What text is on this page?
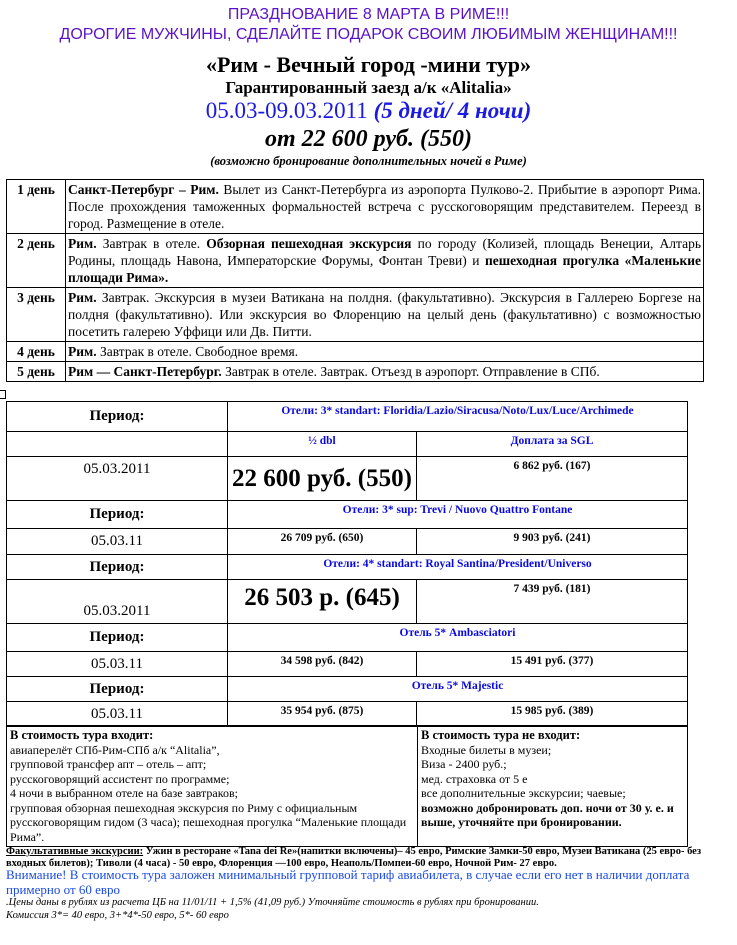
ПРАЗДНОВАНИЕ 8 МАРТА В РИМЕ!!!
ДОРОГИЕ МУЖЧИНЫ, СДЕЛАЙТЕ ПОДАРОК СВОИМ ЛЮБИМЫМ ЖЕНЩИНАМ!!!
«Рим - Вечный город -мини тур»
Гарантированный заезд а/к «Alitalia»
05.03-09.03.2011 (5 дней/ 4 ночи)
от 22 600 руб. (550)
(возможно бронирование дополнительных ночей в Риме)
1 день	Санкт-Петербург – Рим. Вылет из Санкт-Петербурга из аэропорта Пулково-2. Прибытие в аэропорт Рима. После прохождения таможенных формальностей встреча с русскоговорящим представителем. Переезд в город. Размещение в отеле.
2 день	Рим. Завтрак в отеле. Обзорная пешеходная экскурсия по городу (Колизей, площадь Венеции, Алтарь Родины, площадь Навона, Императорские Форумы, Фонтан Треви) и пешеходная прогулка «Маленькие площади Рима».
3 день	Рим. Завтрак. Экскурсия в музеи Ватикана на полдня. (факультативно). Экскурсия в Галлерею Боргезе на полдня (факультативно). Или экскурсия во Флоренцию на целый день (факультативно) с возможностью посетить галерею Уффици или Дв. Питти.
4 день	Рим. Завтрак в отеле. Свободное время.
5 день	Рим — Санкт-Петербург. Завтрак в отеле. Завтрак. Отъезд в аэропорт. Отправление в СПб.
Период:	Отели: 3* standart: Floridia/Lazio/Siracusa/Noto/Lux/Luce/Archimede	
	½ dbl	Доплата за SGL
05.03.2011	22 600 руб. (550)	6 862 руб. (167)
Период:	Отели: 3* sup: Trevi / Nuovo Quattro Fontane	
05.03.11	26 709 руб. (650)	9 903 руб. (241)
Период:	Отели: 4* standart: Royal Santina/President/Universo	
05.03.2011	26 503 р. (645)	7 439 руб. (181)
Период:	Отель 5* Ambasciatori	
05.03.11	34 598 руб. (842)	15 491 руб. (377)
Период:	Отель 5* Majestic	
05.03.11	35 954 руб. (875)	15 985 руб. (389)
В стоимость тура входит:
авиаперелёт СПб-Рим-СПб а/к “Alitalia”,
групповой трансфер апт – отель – апт;
русскоговорящий ассистент по программе;
4 ночи в выбранном отеле на базе завтраков;
групповая обзорная пешеходная экскурсия по Риму с официальным русскоговорящим гидом (3 часа); пешеходная прогулка “Маленькие площади Рима”.

В стоимость тура не входит:
Входные билеты в музеи;
Виза - 2400 руб.;
мед. страховка от 5 е
все дополнительные экскурсии; чаевые;
возможно добронировать доп. ночи от 30 у. е. и выше, уточняйте при бронировании.
Факультативные экскурсии: Ужин в ресторане «Tana dei Re»(напитки включены)– 45 евро, Римские Замки-50 евро, Музеи Ватикана (25 евро- без входных билетов); Тиволи (4 часа) - 50 евро, Флоренция —100 евро, Неаполь/Помпеи-60 евро, Ночной Рим- 27 евро.
Внимание! В стоимость тура заложен минимальный групповой тариф авиабилета, в случае если его нет в наличии доплата примерно от 60 евро
.Цены даны в рублях из расчета ЦБ на 11/01/11 + 1,5% (41,09 руб.) Уточняйте стоимость в рублях при бронировании.
Комиссия 3*= 40 евро, 3+*4*-50 евро, 5*- 60 евро
